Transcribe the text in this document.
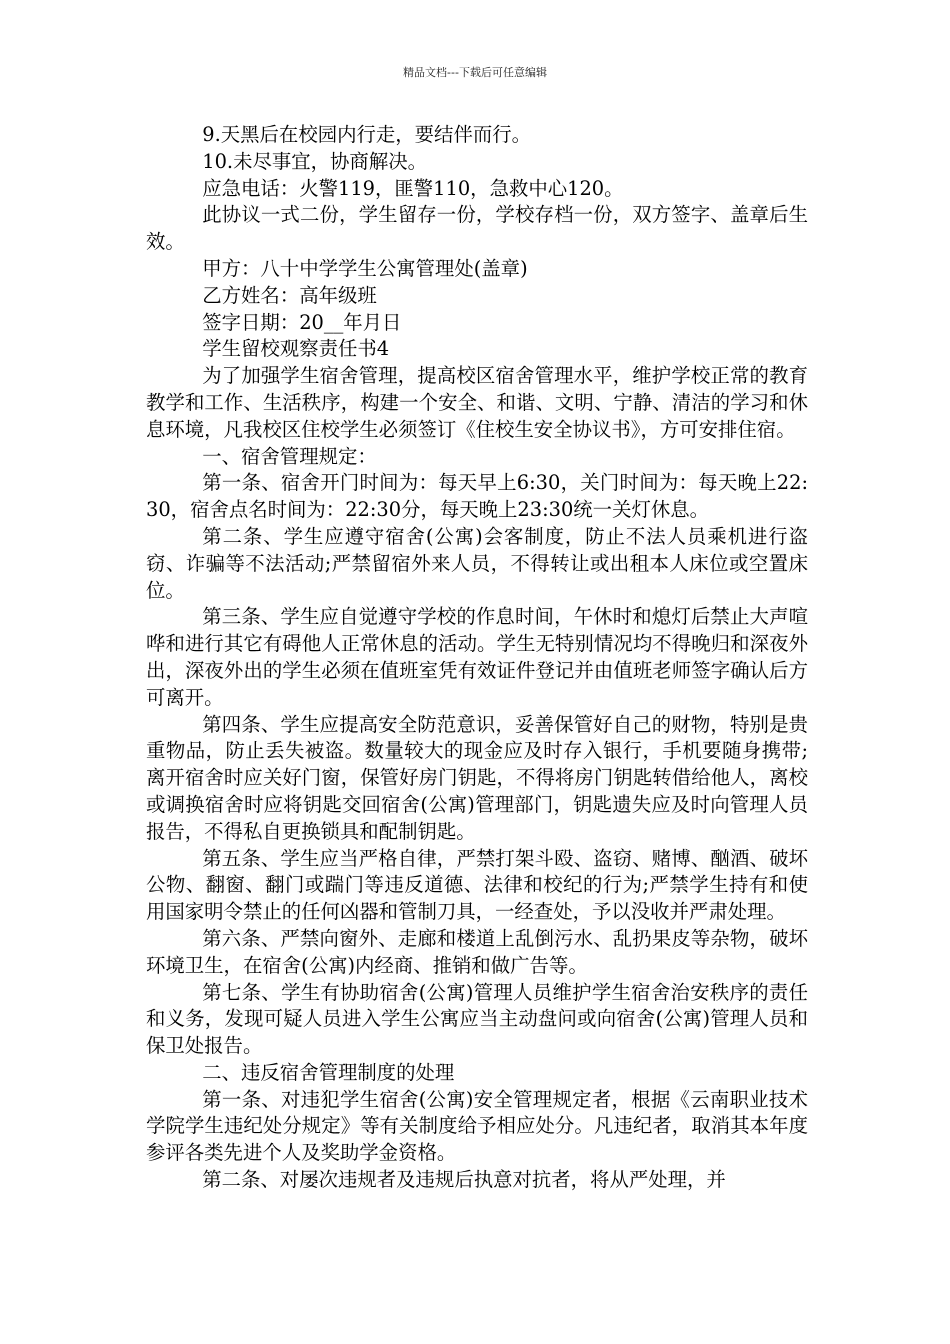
精品文档---下载后可任意编辑

9.天黑后在校园内行走，要结伴而行。

10.未尽事宜，协商解决。

应急电话：火警119，匪警110，急救中心120。

此协议一式二份，学生留存一份，学校存档一份，双方签字、盖章后生效。

甲方：八十中学学生公寓管理处(盖章)

乙方姓名：高年级班

签字日期：20__年月日

学生留校观察责任书4

为了加强学生宿舍管理，提高校区宿舍管理水平，维护学校正常的教育教学和工作、生活秩序，构建一个安全、和谐、文明、宁静、清洁的学习和休息环境，凡我校区住校学生必须签订《住校生安全协议书》，方可安排住宿。

一、宿舍管理规定：

第一条、宿舍开门时间为：每天早上6:30，关门时间为：每天晚上22:30，宿舍点名时间为：22:30分，每天晚上23:30统一关灯休息。

第二条、学生应遵守宿舍(公寓)会客制度，防止不法人员乘机进行盗窃、诈骗等不法活动;严禁留宿外来人员，不得转让或出租本人床位或空置床位。

第三条、学生应自觉遵守学校的作息时间，午休时和熄灯后禁止大声喧哗和进行其它有碍他人正常休息的活动。学生无特别情况均不得晚归和深夜外出，深夜外出的学生必须在值班室凭有效证件登记并由值班老师签字确认后方可离开。

第四条、学生应提高安全防范意识，妥善保管好自己的财物，特别是贵重物品，防止丢失被盗。数量较大的现金应及时存入银行，手机要随身携带;离开宿舍时应关好门窗，保管好房门钥匙，不得将房门钥匙转借给他人，离校或调换宿舍时应将钥匙交回宿舍(公寓)管理部门，钥匙遗失应及时向管理人员报告，不得私自更换锁具和配制钥匙。

第五条、学生应当严格自律，严禁打架斗殴、盗窃、赌博、酗酒、破坏公物、翻窗、翻门或踹门等违反道德、法律和校纪的行为;严禁学生持有和使用国家明令禁止的任何凶器和管制刀具，一经查处，予以没收并严肃处理。

第六条、严禁向窗外、走廊和楼道上乱倒污水、乱扔果皮等杂物，破坏环境卫生，在宿舍(公寓)内经商、推销和做广告等。

第七条、学生有协助宿舍(公寓)管理人员维护学生宿舍治安秩序的责任和义务，发现可疑人员进入学生公寓应当主动盘问或向宿舍(公寓)管理人员和保卫处报告。

二、违反宿舍管理制度的处理

第一条、对违犯学生宿舍(公寓)安全管理规定者，根据《云南职业技术学院学生违纪处分规定》等有关制度给予相应处分。凡违纪者，取消其本年度参评各类先进个人及奖助学金资格。

第二条、对屡次违规者及违规后执意对抗者，将从严处理，并
